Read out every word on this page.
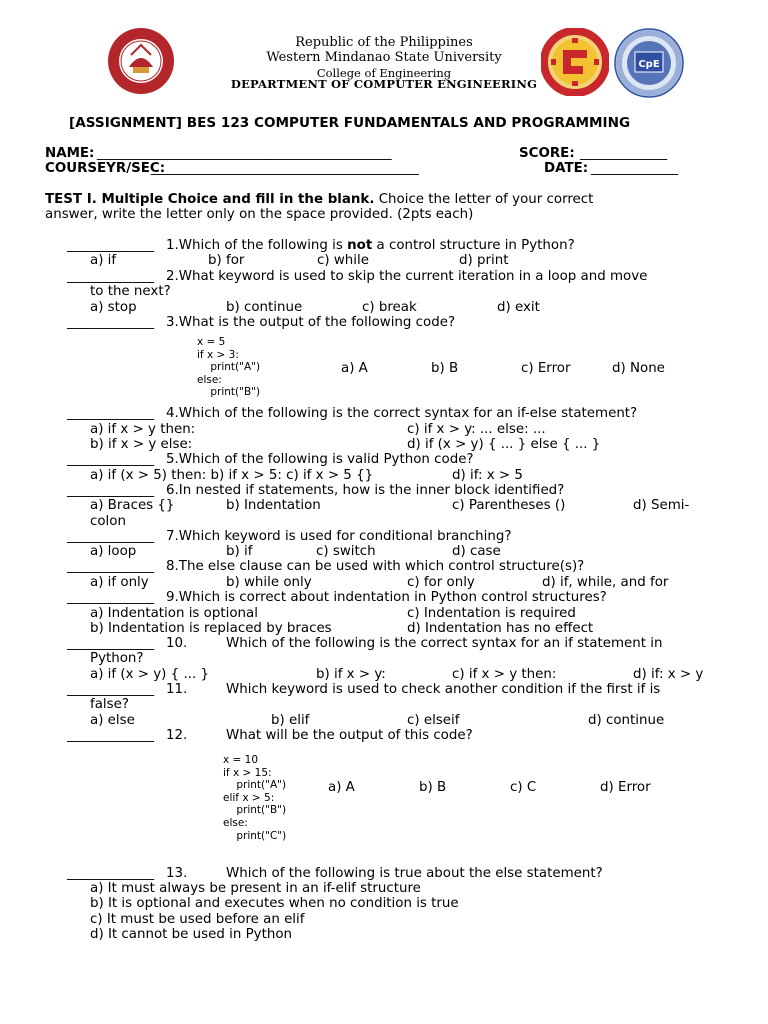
Republic of the Philippines
Western Mindanao State University
College of Engineering
DEPARTMENT OF COMPUTER ENGINEERING
CpE
[ASSIGNMENT] BES 123 COMPUTER FUNDAMENTALS AND PROGRAMMING
NAME: ____________________________________________	SCORE: _____________
COURSEYR/SEC:
________________________________________	DATE: _____________
TEST I. Multiple Choice and fill in the blank. Choice the letter of your correct
answer, write the letter only on the space provided. (2pts each)
_____________ 1.Which of the following is not a control structure in Python?
a) if	b) for	c) while	d) print
_____________ 2.What keyword is used to skip the current iteration in a loop and move
to the next?
a) stop	b) continue	c) break	d) exit
_____________ 3.What is the output of the following code?
x = 5
if x > 3:
print("A")
else:
print("B")
a) A	b) B	c) Error	d) None
_____________ 4.Which of the following is the correct syntax for an if-else statement?
a) if x > y then:	c) if x > y: ... else: ...
b) if x > y else:	d) if (x > y) { ... } else { ... }
_____________ 5.Which of the following is valid Python code?
a) if (x > 5) then: b) if x > 5: c) if x > 5 {}	d) if: x > 5
_____________ 6.In nested if statements, how is the inner block identified?
a) Braces {}	b) Indentation	c) Parentheses ()	d) Semi-
colon
_____________ 7.Which keyword is used for conditional branching?
a) loop	b) if	c) switch	d) case
_____________ 8.The else clause can be used with which control structure(s)?
a) if only	b) while only	c) for only	d) if, while, and for
_____________ 9.Which is correct about indentation in Python control structures?
a) Indentation is optional	c) Indentation is required
b) Indentation is replaced by braces	d) Indentation has no effect
_____________ 10.	Which of the following is the correct syntax for an if statement in
Python?
a) if (x > y) { ... }	b) if x > y:	c) if x > y then:	d) if: x > y
_____________ 11.	Which keyword is used to check another condition if the first if is
false?
a) else	b) elif	c) elseif	d) continue
_____________ 12.	What will be the output of this code?
x = 10
if x > 15:
print("A")
elif x > 5:
print("B")
else:
print("C")
a) A	b) B	c) C	d) Error
_____________ 13.	Which of the following is true about the else statement?
a) It must always be present in an if-elif structure
b) It is optional and executes when no condition is true
c) It must be used before an elif
d) It cannot be used in Python
